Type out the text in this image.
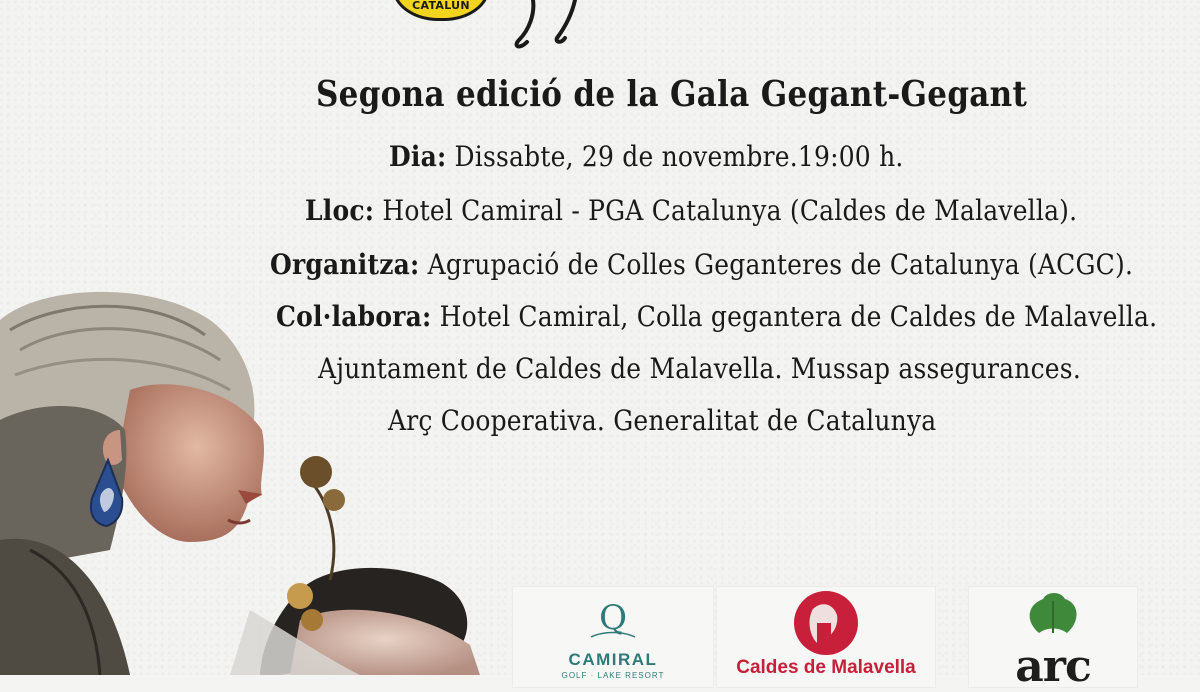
CATALUN
Segona edició de la Gala Gegant-Gegant
Dia: Dissabte, 29 de novembre.19:00 h.
Lloc: Hotel Camiral - PGA Catalunya (Caldes de Malavella).
Organitza: Agrupació de Colles Geganteres de Catalunya (ACGC).
Col·labora: Hotel Camiral, Colla gegantera de Caldes de Malavella.
Ajuntament de Caldes de Malavella. Mussap assegurances.
Arç Cooperativa. Generalitat de Catalunya
Q
CAMIRAL
GOLF · LAKE RESORT	Caldes de Malavella	arc
